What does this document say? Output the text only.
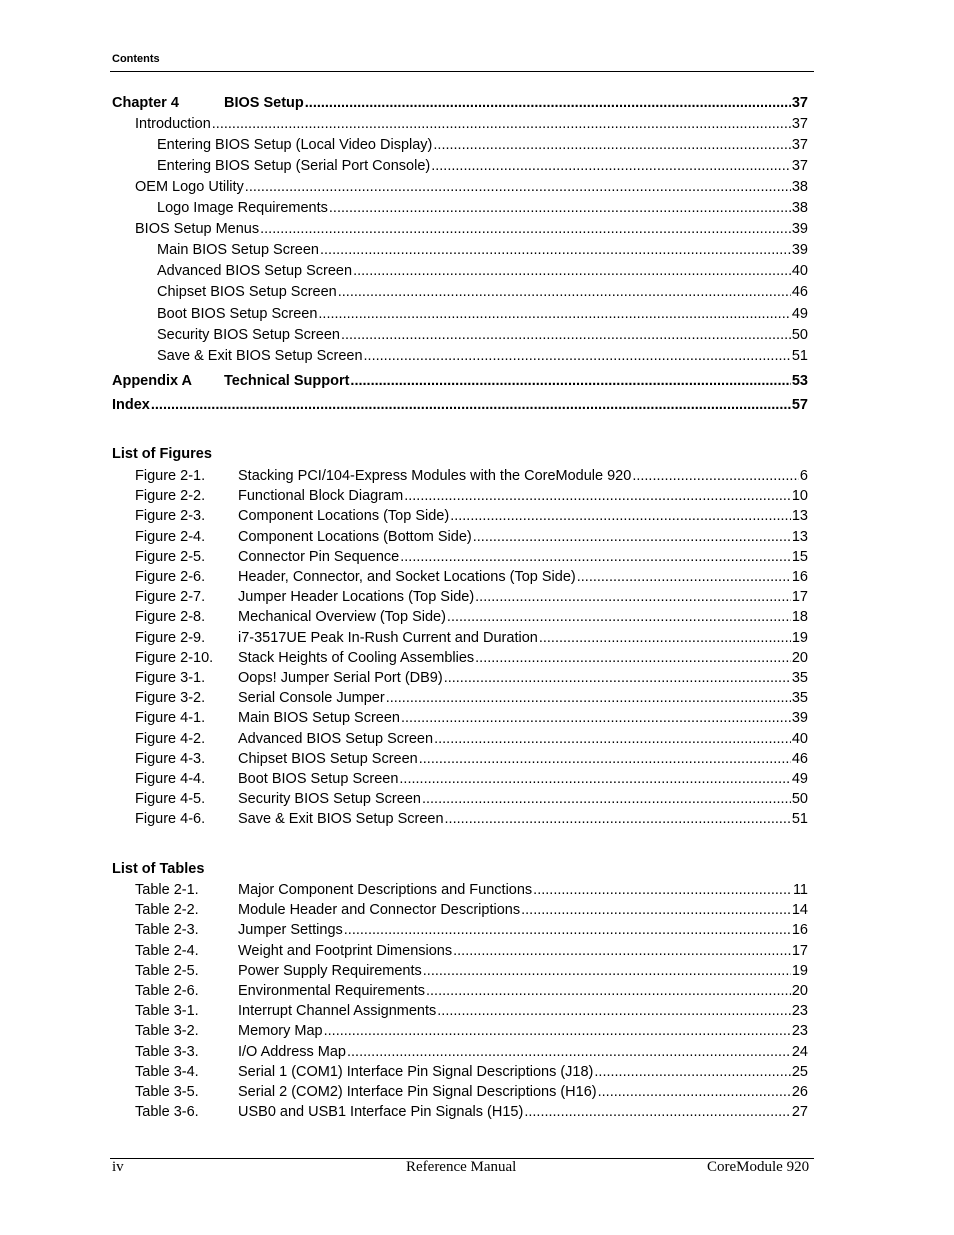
Contents
Chapter 4	BIOS Setup .....	37
Introduction .....	37
Entering BIOS Setup (Local Video Display) .....	37
Entering BIOS Setup (Serial Port Console) .....	37
OEM Logo Utility .....	38
Logo Image Requirements .....	38
BIOS Setup Menus .....	39
Main BIOS Setup Screen .....	39
Advanced BIOS Setup Screen .....	40
Chipset BIOS Setup Screen .....	46
Boot BIOS Setup Screen .....	49
Security BIOS Setup Screen .....	50
Save & Exit BIOS Setup Screen .....	51
Appendix A	Technical Support .....	53
Index .....	57
List of Figures
Figure 2-1.	Stacking PCI/104-Express Modules with the CoreModule 920 .....	6
Figure 2-2.	Functional Block Diagram .....	10
Figure 2-3.	Component Locations (Top Side) .....	13
Figure 2-4.	Component Locations (Bottom Side) .....	13
Figure 2-5.	Connector Pin Sequence .....	15
Figure 2-6.	Header, Connector, and Socket Locations (Top Side) .....	16
Figure 2-7.	Jumper Header Locations (Top Side) .....	17
Figure 2-8.	Mechanical Overview (Top Side) .....	18
Figure 2-9.	i7-3517UE Peak In-Rush Current and Duration .....	19
Figure 2-10.	Stack Heights of Cooling Assemblies .....	20
Figure 3-1.	Oops! Jumper Serial Port (DB9) .....	35
Figure 3-2.	Serial Console Jumper .....	35
Figure 4-1.	Main BIOS Setup Screen .....	39
Figure 4-2.	Advanced BIOS Setup Screen .....	40
Figure 4-3.	Chipset BIOS Setup Screen .....	46
Figure 4-4.	Boot BIOS Setup Screen .....	49
Figure 4-5.	Security BIOS Setup Screen .....	50
Figure 4-6.	Save & Exit BIOS Setup Screen .....	51
List of Tables
Table 2-1.	Major Component Descriptions and Functions .....	11
Table 2-2.	Module Header and Connector Descriptions .....	14
Table 2-3.	Jumper Settings .....	16
Table 2-4.	Weight and Footprint Dimensions .....	17
Table 2-5.	Power Supply Requirements .....	19
Table 2-6.	Environmental Requirements .....	20
Table 3-1.	Interrupt Channel Assignments .....	23
Table 3-2.	Memory Map .....	23
Table 3-3.	I/O Address Map .....	24
Table 3-4.	Serial 1 (COM1) Interface Pin Signal Descriptions (J18) .....	25
Table 3-5.	Serial 2 (COM2) Interface Pin Signal Descriptions (H16) .....	26
Table 3-6.	USB0 and USB1 Interface Pin Signals (H15) .....	27
iv	Reference Manual	CoreModule 920
